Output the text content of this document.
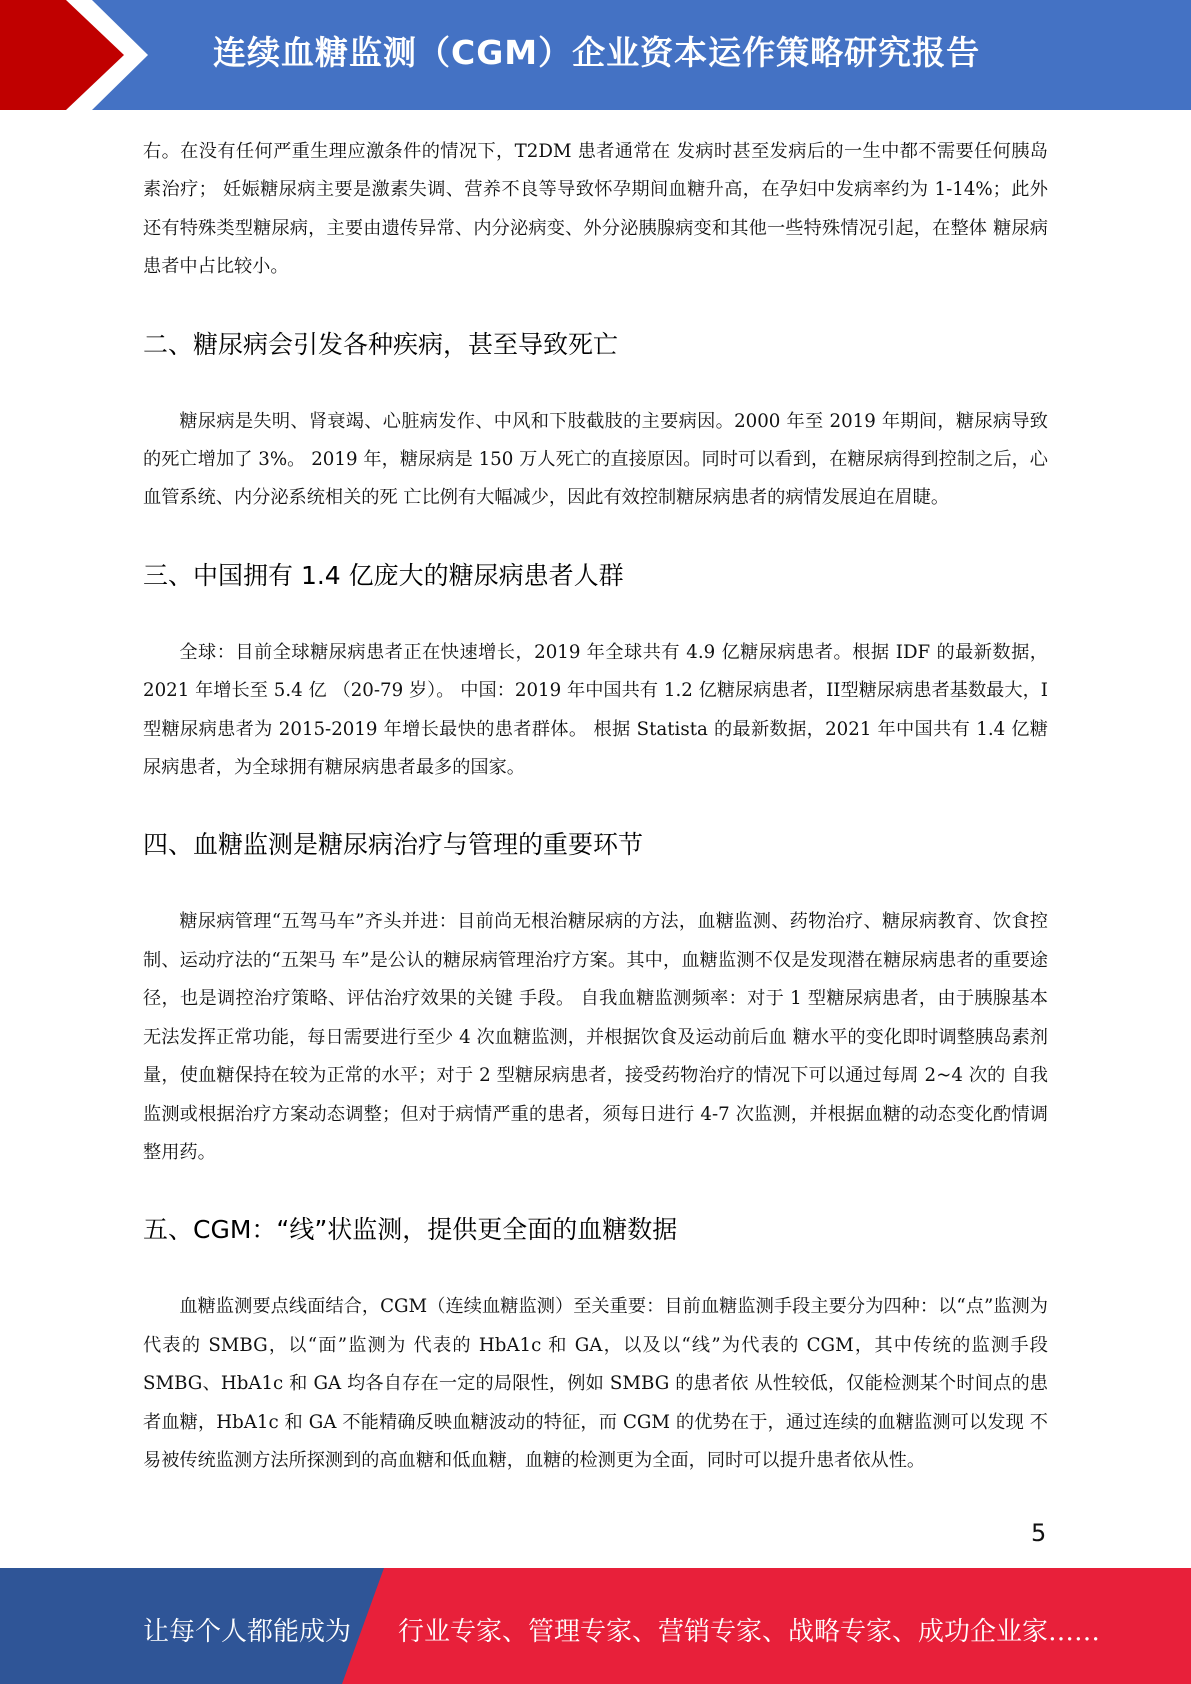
连续血糖监测（CGM）企业资本运作策略研究报告

右。在没有任何严重生理应激条件的情况下，T2DM 患者通常在 发病时甚至发病后的一生中都不需要任何胰岛素治疗； 妊娠糖尿病主要是激素失调、营养不良等导致怀孕期间血糖升高，在孕妇中发病率约为 1-14%；此外还有特殊类型糖尿病，主要由遗传异常、内分泌病变、外分泌胰腺病变和其他一些特殊情况引起，在整体 糖尿病患者中占比较小。

二、糖尿病会引发各种疾病，甚至导致死亡

糖尿病是失明、肾衰竭、心脏病发作、中风和下肢截肢的主要病因。2000 年至 2019 年期间，糖尿病导致的死亡增加了 3%。 2019 年，糖尿病是 150 万人死亡的直接原因。同时可以看到，在糖尿病得到控制之后，心血管系统、内分泌系统相关的死 亡比例有大幅减少，因此有效控制糖尿病患者的病情发展迫在眉睫。

三、中国拥有 1.4 亿庞大的糖尿病患者人群

全球：目前全球糖尿病患者正在快速增长，2019 年全球共有 4.9 亿糖尿病患者。根据 IDF 的最新数据，2021 年增长至 5.4 亿 （20-79 岁）。 中国：2019 年中国共有 1.2 亿糖尿病患者，II型糖尿病患者基数最大，I 型糖尿病患者为 2015-2019 年增长最快的患者群体。 根据 Statista 的最新数据，2021 年中国共有 1.4 亿糖尿病患者，为全球拥有糖尿病患者最多的国家。

四、血糖监测是糖尿病治疗与管理的重要环节

糖尿病管理“五驾马车”齐头并进：目前尚无根治糖尿病的方法，血糖监测、药物治疗、糖尿病教育、饮食控制、运动疗法的“五架马 车”是公认的糖尿病管理治疗方案。其中，血糖监测不仅是发现潜在糖尿病患者的重要途径，也是调控治疗策略、评估治疗效果的关键 手段。 自我血糖监测频率：对于 1 型糖尿病患者，由于胰腺基本无法发挥正常功能，每日需要进行至少 4 次血糖监测，并根据饮食及运动前后血 糖水平的变化即时调整胰岛素剂量，使血糖保持在较为正常的水平；对于 2 型糖尿病患者，接受药物治疗的情况下可以通过每周 2~4 次的 自我监测或根据治疗方案动态调整；但对于病情严重的患者，须每日进行 4-7 次监测，并根据血糖的动态变化酌情调整用药。

五、CGM：“线”状监测，提供更全面的血糖数据

血糖监测要点线面结合，CGM（连续血糖监测）至关重要：目前血糖监测手段主要分为四种：以“点”监测为代表的 SMBG，以“面”监测为 代表的 HbA1c 和 GA，以及以“线”为代表的 CGM，其中传统的监测手段 SMBG、HbA1c 和 GA 均各自存在一定的局限性，例如 SMBG 的患者依 从性较低，仅能检测某个时间点的患者血糖，HbA1c 和 GA 不能精确反映血糖波动的特征，而 CGM 的优势在于，通过连续的血糖监测可以发现 不易被传统监测方法所探测到的高血糖和低血糖，血糖的检测更为全面，同时可以提升患者依从性。

5
让每个人都能成为 行业专家、管理专家、营销专家、战略专家、成功企业家……
